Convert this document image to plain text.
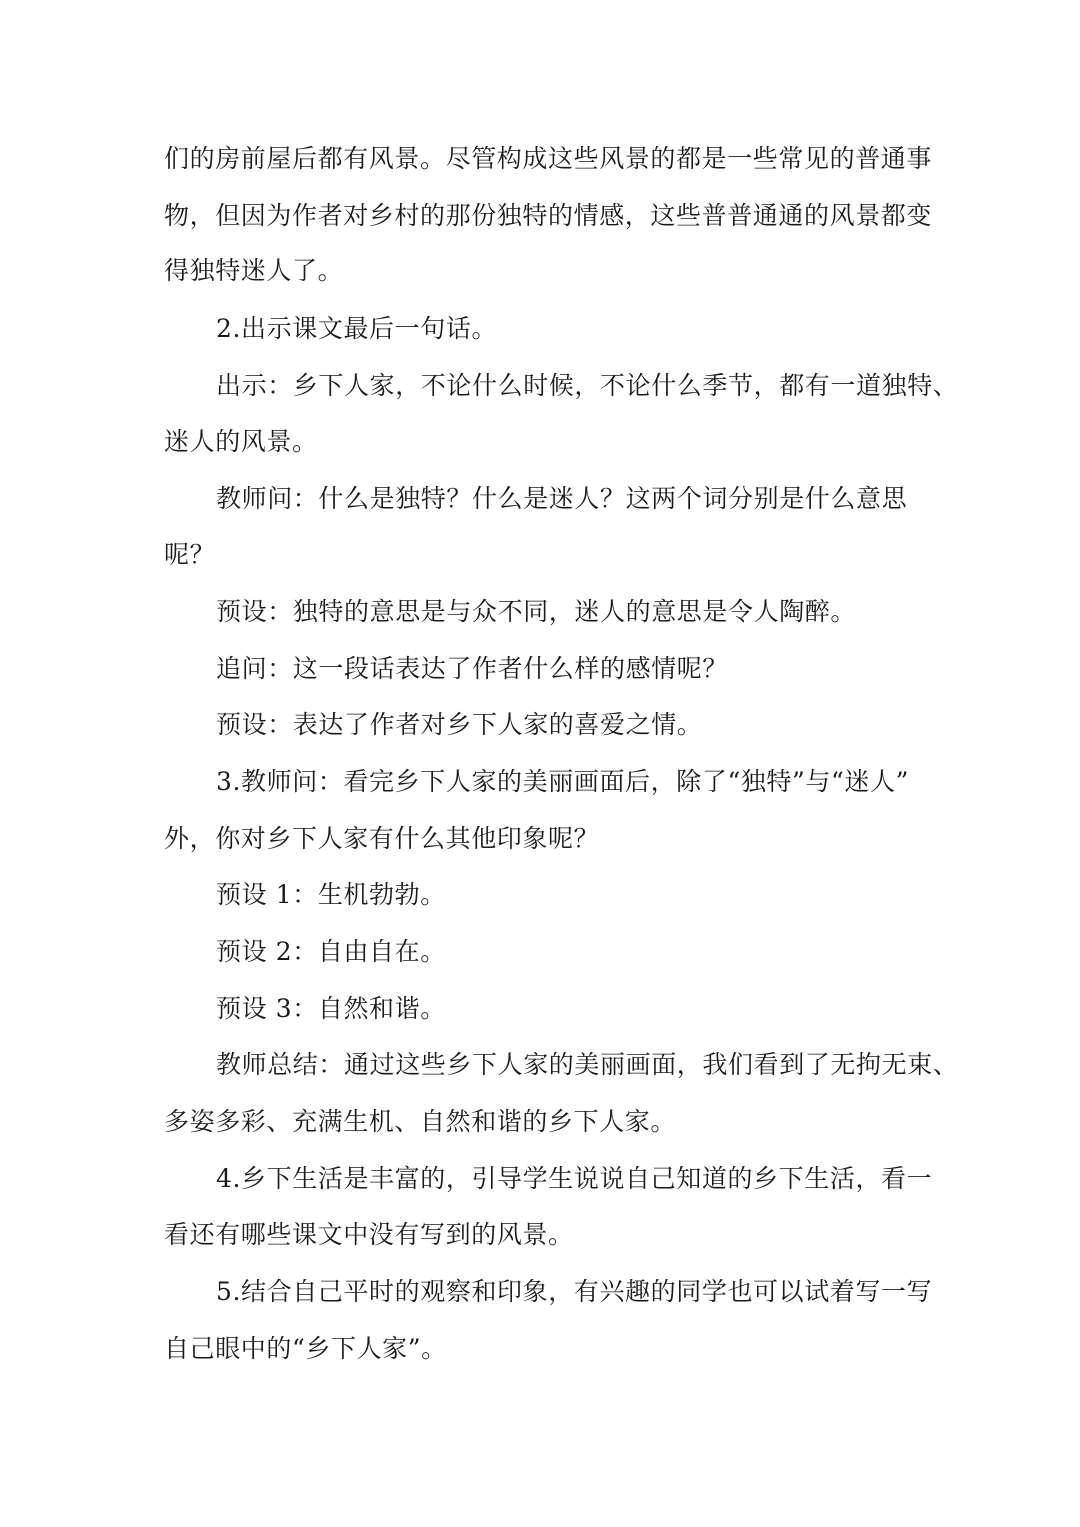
们的房前屋后都有风景。尽管构成这些风景的都是一些常见的普通事
物，但因为作者对乡村的那份独特的情感，这些普普通通的风景都变
得独特迷人了。
2.出示课文最后一句话。
出示：乡下人家，不论什么时候，不论什么季节，都有一道独特、
迷人的风景。
教师问：什么是独特？什么是迷人？这两个词分别是什么意思
呢？
预设：独特的意思是与众不同，迷人的意思是令人陶醉。
追问：这一段话表达了作者什么样的感情呢？
预设：表达了作者对乡下人家的喜爱之情。
3.教师问：看完乡下人家的美丽画面后，除了“独特”与“迷人”
外，你对乡下人家有什么其他印象呢？
预设 1：生机勃勃。
预设 2：自由自在。
预设 3：自然和谐。
教师总结：通过这些乡下人家的美丽画面，我们看到了无拘无束、
多姿多彩、充满生机、自然和谐的乡下人家。
4.乡下生活是丰富的，引导学生说说自己知道的乡下生活，看一
看还有哪些课文中没有写到的风景。
5.结合自己平时的观察和印象，有兴趣的同学也可以试着写一写
自己眼中的“乡下人家”。
